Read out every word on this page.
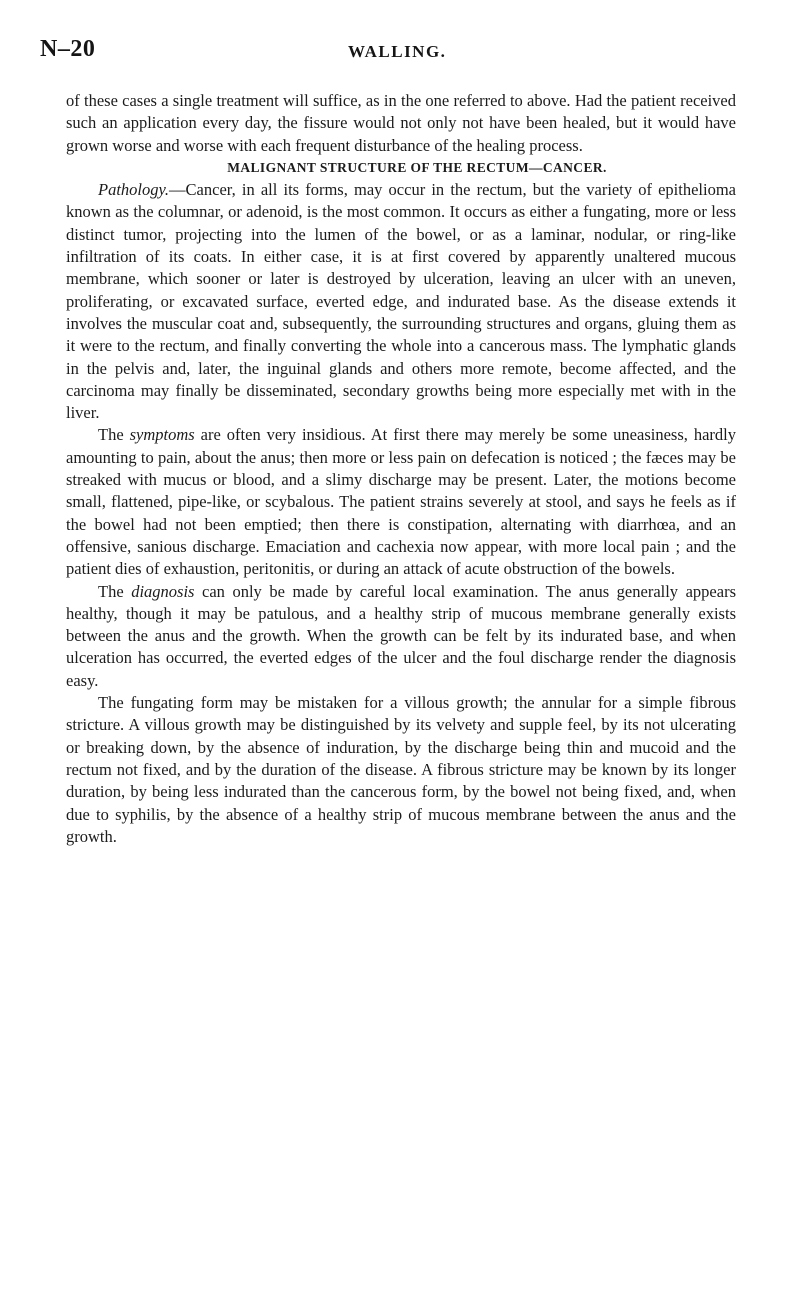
N–20	WALLING.

of these cases a single treatment will suffice, as in the one referred to above. Had the patient received such an application every day, the fissure would not only not have been healed, but it would have grown worse and worse with each frequent disturbance of the healing process.

MALIGNANT STRUCTURE OF THE RECTUM—CANCER.

Pathology.—Cancer, in all its forms, may occur in the rectum, but the variety of epithelioma known as the columnar, or adenoid, is the most common. It occurs as either a fungating, more or less distinct tumor, projecting into the lumen of the bowel, or as a laminar, nodular, or ring-like infiltration of its coats. In either case, it is at first covered by apparently unaltered mucous membrane, which sooner or later is destroyed by ulceration, leaving an ulcer with an uneven, proliferating, or excavated surface, everted edge, and indurated base. As the disease extends it involves the muscular coat and, subsequently, the surrounding structures and organs, gluing them as it were to the rectum, and finally converting the whole into a cancerous mass. The lymphatic glands in the pelvis and, later, the inguinal glands and others more remote, become affected, and the carcinoma may finally be disseminated, secondary growths being more especially met with in the liver.

The symptoms are often very insidious. At first there may merely be some uneasiness, hardly amounting to pain, about the anus; then more or less pain on defecation is noticed ; the fæces may be streaked with mucus or blood, and a slimy discharge may be present. Later, the motions become small, flattened, pipe-like, or scybalous. The patient strains severely at stool, and says he feels as if the bowel had not been emptied; then there is constipation, alternating with diarrhœa, and an offensive, sanious discharge. Emaciation and cachexia now appear, with more local pain ; and the patient dies of exhaustion, peritonitis, or during an attack of acute obstruction of the bowels.

The diagnosis can only be made by careful local examination. The anus generally appears healthy, though it may be patulous, and a healthy strip of mucous membrane generally exists between the anus and the growth. When the growth can be felt by its indurated base, and when ulceration has occurred, the everted edges of the ulcer and the foul discharge render the diagnosis easy.

The fungating form may be mistaken for a villous growth; the annular for a simple fibrous stricture. A villous growth may be distinguished by its velvety and supple feel, by its not ulcerating or breaking down, by the absence of induration, by the discharge being thin and mucoid and the rectum not fixed, and by the duration of the disease. A fibrous stricture may be known by its longer duration, by being less indurated than the cancerous form, by the bowel not being fixed, and, when due to syphilis, by the absence of a healthy strip of mucous membrane between the anus and the growth.
